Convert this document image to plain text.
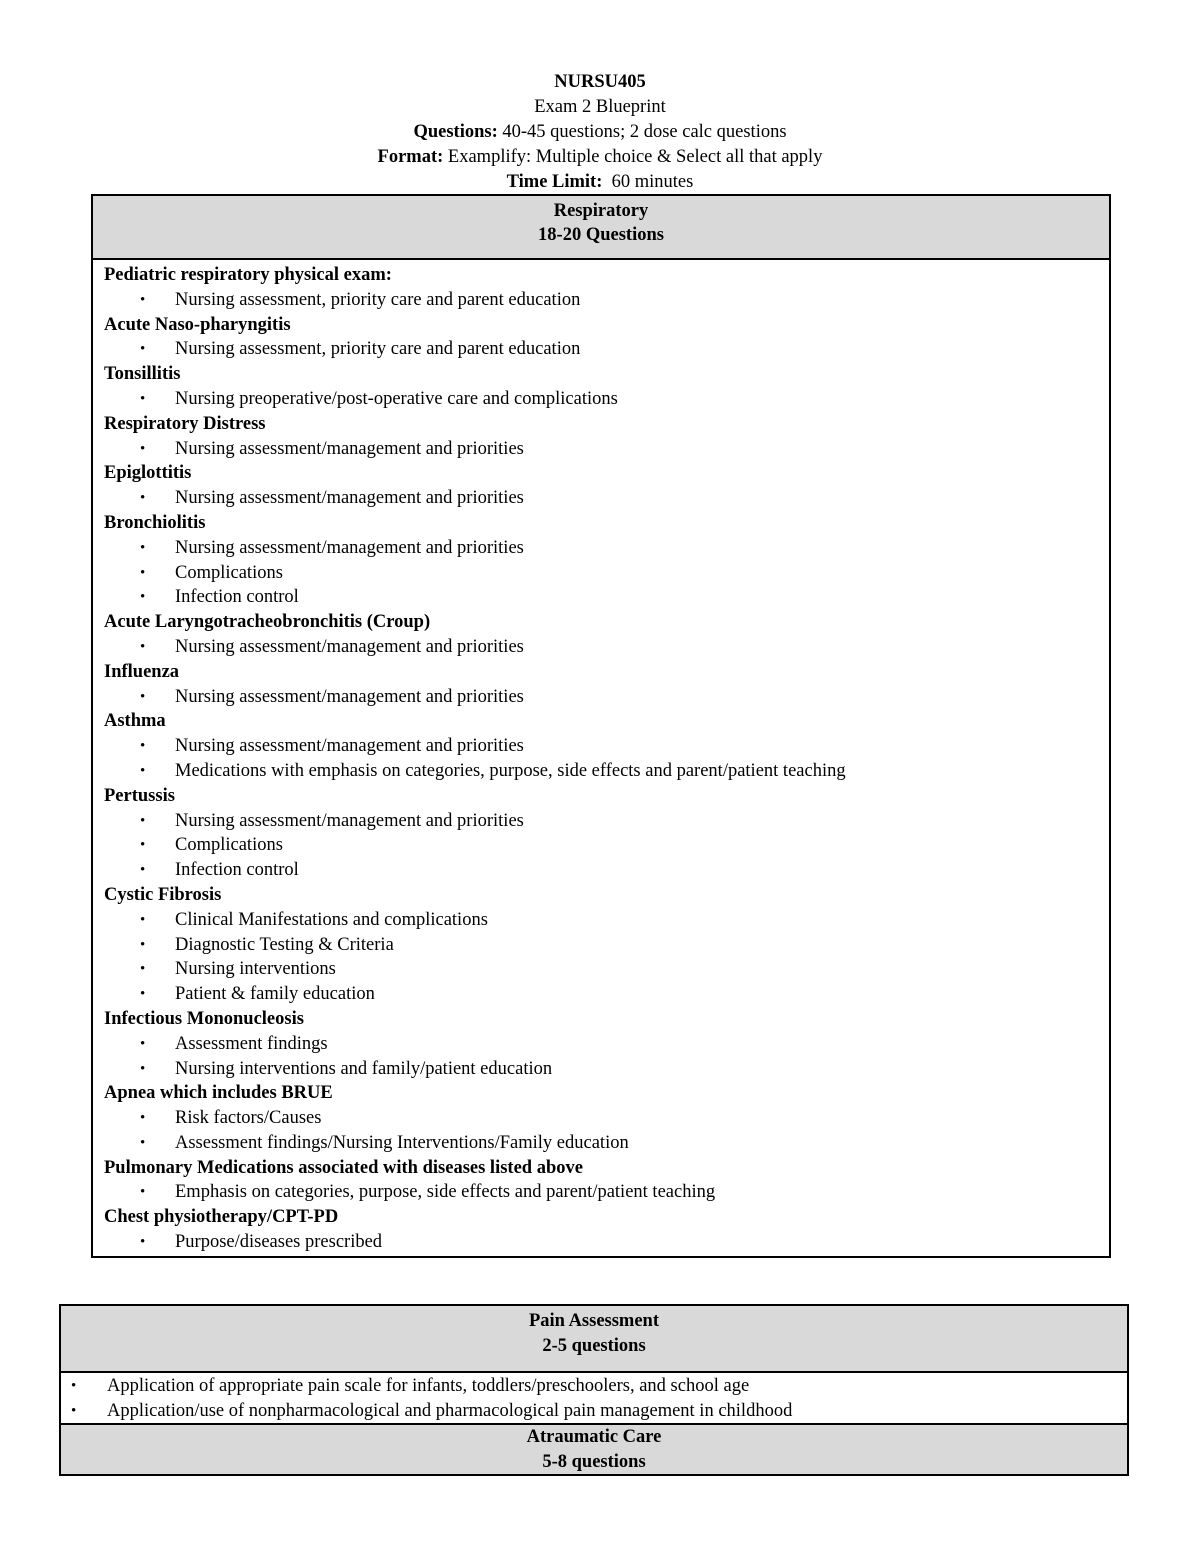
NURSU405
Exam 2 Blueprint
Questions: 40-45 questions; 2 dose calc questions
Format: Examplify: Multiple choice & Select all that apply
Time Limit:  60 minutes
Respiratory
18-20 Questions
Pediatric respiratory physical exam:
• Nursing assessment, priority care and parent education
Acute Naso-pharyngitis
• Nursing assessment, priority care and parent education
Tonsillitis
• Nursing preoperative/post-operative care and complications
Respiratory Distress
• Nursing assessment/management and priorities
Epiglottitis
• Nursing assessment/management and priorities
Bronchiolitis
• Nursing assessment/management and priorities
• Complications
• Infection control
Acute Laryngotracheobronchitis (Croup)
• Nursing assessment/management and priorities
Influenza
• Nursing assessment/management and priorities
Asthma
• Nursing assessment/management and priorities
• Medications with emphasis on categories, purpose, side effects and parent/patient teaching
Pertussis
• Nursing assessment/management and priorities
• Complications
• Infection control
Cystic Fibrosis
• Clinical Manifestations and complications
• Diagnostic Testing & Criteria
• Nursing interventions
• Patient & family education
Infectious Mononucleosis
• Assessment findings
• Nursing interventions and family/patient education
Apnea which includes BRUE
• Risk factors/Causes
• Assessment findings/Nursing Interventions/Family education
Pulmonary Medications associated with diseases listed above
• Emphasis on categories, purpose, side effects and parent/patient teaching
Chest physiotherapy/CPT-PD
• Purpose/diseases prescribed
Pain Assessment
2-5 questions
• Application of appropriate pain scale for infants, toddlers/preschoolers, and school age
• Application/use of nonpharmacological and pharmacological pain management in childhood
Atraumatic Care
5-8 questions
